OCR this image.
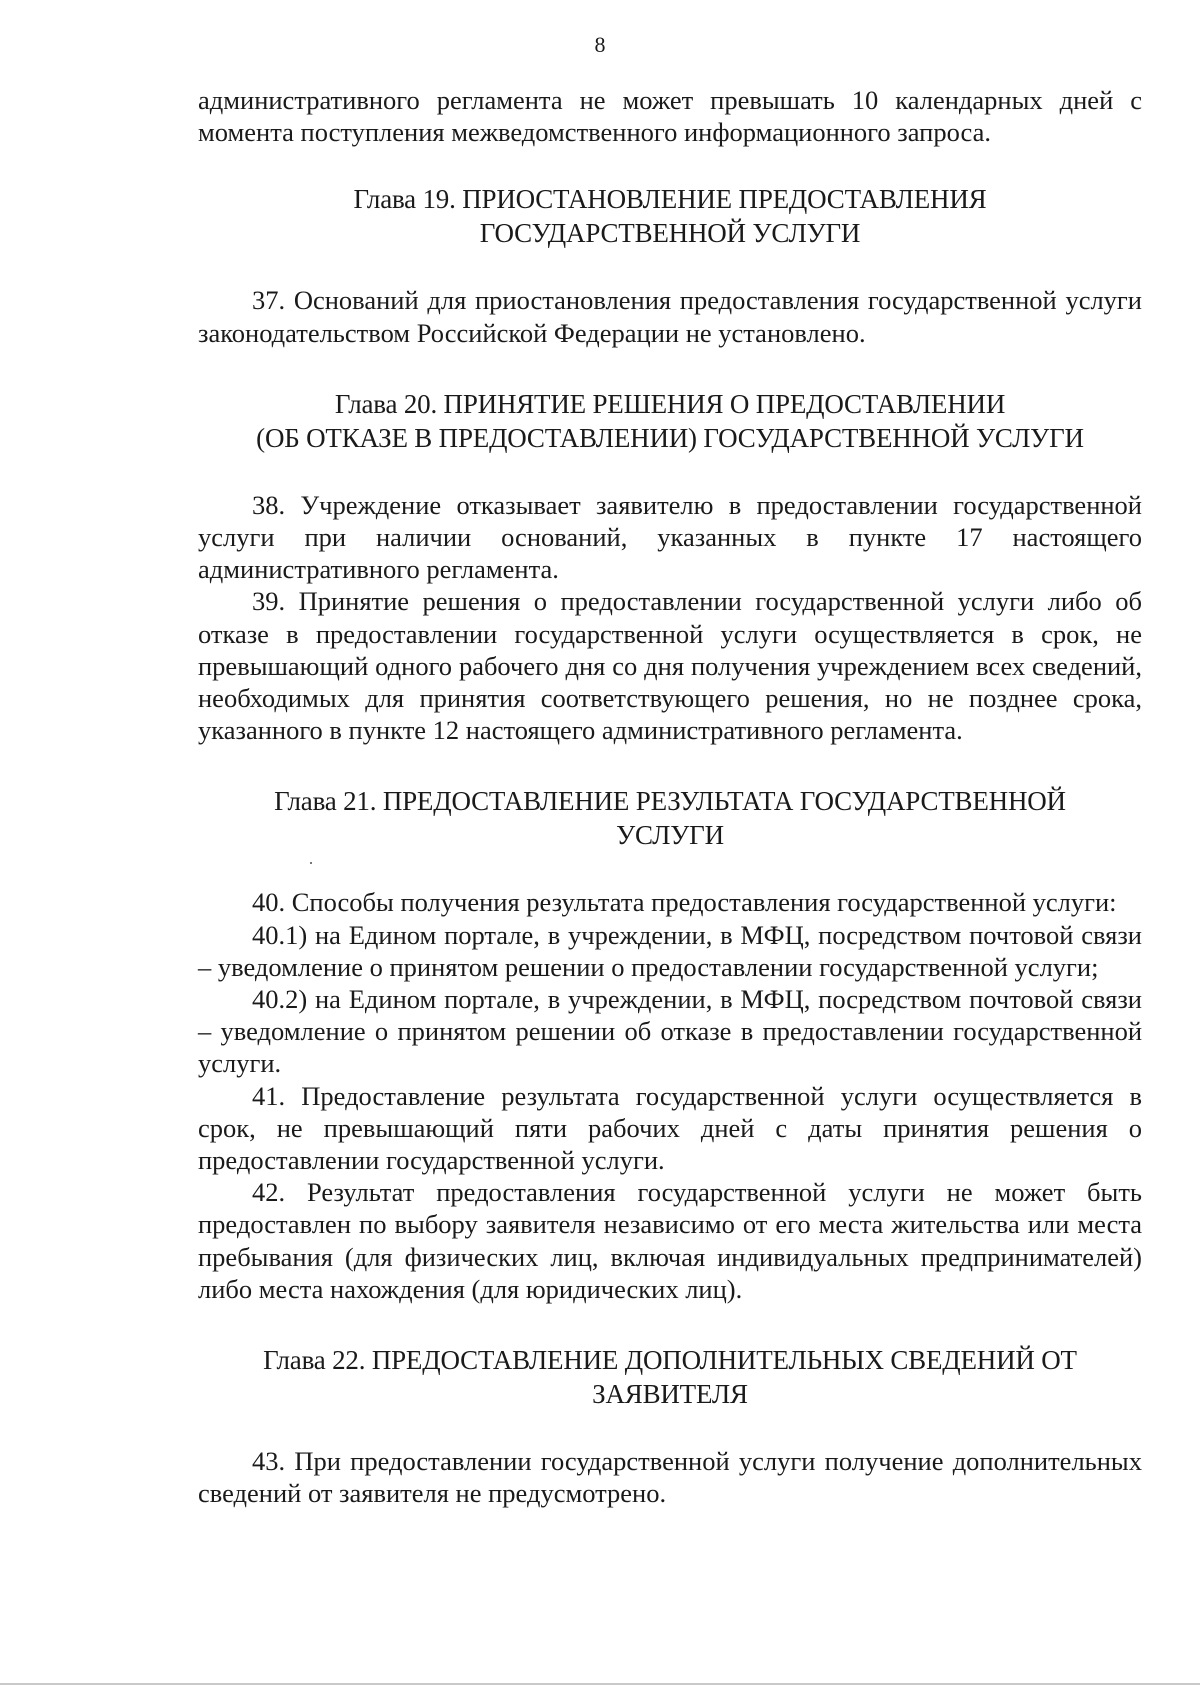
8

административного регламента не может превышать 10 календарных дней с момента поступления межведомственного информационного запроса.

Глава 19. ПРИОСТАНОВЛЕНИЕ ПРЕДОСТАВЛЕНИЯ
ГОСУДАРСТВЕННОЙ УСЛУГИ

37. Оснований для приостановления предоставления государственной услуги законодательством Российской Федерации не установлено.

Глава 20. ПРИНЯТИЕ РЕШЕНИЯ О ПРЕДОСТАВЛЕНИИ
(ОБ ОТКАЗЕ В ПРЕДОСТАВЛЕНИИ) ГОСУДАРСТВЕННОЙ УСЛУГИ

38. Учреждение отказывает заявителю в предоставлении государственной услуги при наличии оснований, указанных в пункте 17 настоящего административного регламента.

39. Принятие решения о предоставлении государственной услуги либо об отказе в предоставлении государственной услуги осуществляется в срок, не превышающий одного рабочего дня со дня получения учреждением всех сведений, необходимых для принятия соответствующего решения, но не позднее срока, указанного в пункте 12 настоящего административного регламента.

Глава 21. ПРЕДОСТАВЛЕНИЕ РЕЗУЛЬТАТА ГОСУДАРСТВЕННОЙ
УСЛУГИ

40. Способы получения результата предоставления государственной услуги:

40.1) на Едином портале, в учреждении, в МФЦ, посредством почтовой связи – уведомление о принятом решении о предоставлении государственной услуги;

40.2) на Едином портале, в учреждении, в МФЦ, посредством почтовой связи – уведомление о принятом решении об отказе в предоставлении государственной услуги.

41. Предоставление результата государственной услуги осуществляется в срок, не превышающий пяти рабочих дней с даты принятия решения о предоставлении государственной услуги.

42. Результат предоставления государственной услуги не может быть предоставлен по выбору заявителя независимо от его места жительства или места пребывания (для физических лиц, включая индивидуальных предпринимателей) либо места нахождения (для юридических лиц).

Глава 22. ПРЕДОСТАВЛЕНИЕ ДОПОЛНИТЕЛЬНЫХ СВЕДЕНИЙ ОТ
ЗАЯВИТЕЛЯ

43. При предоставлении государственной услуги получение дополнительных сведений от заявителя не предусмотрено.
